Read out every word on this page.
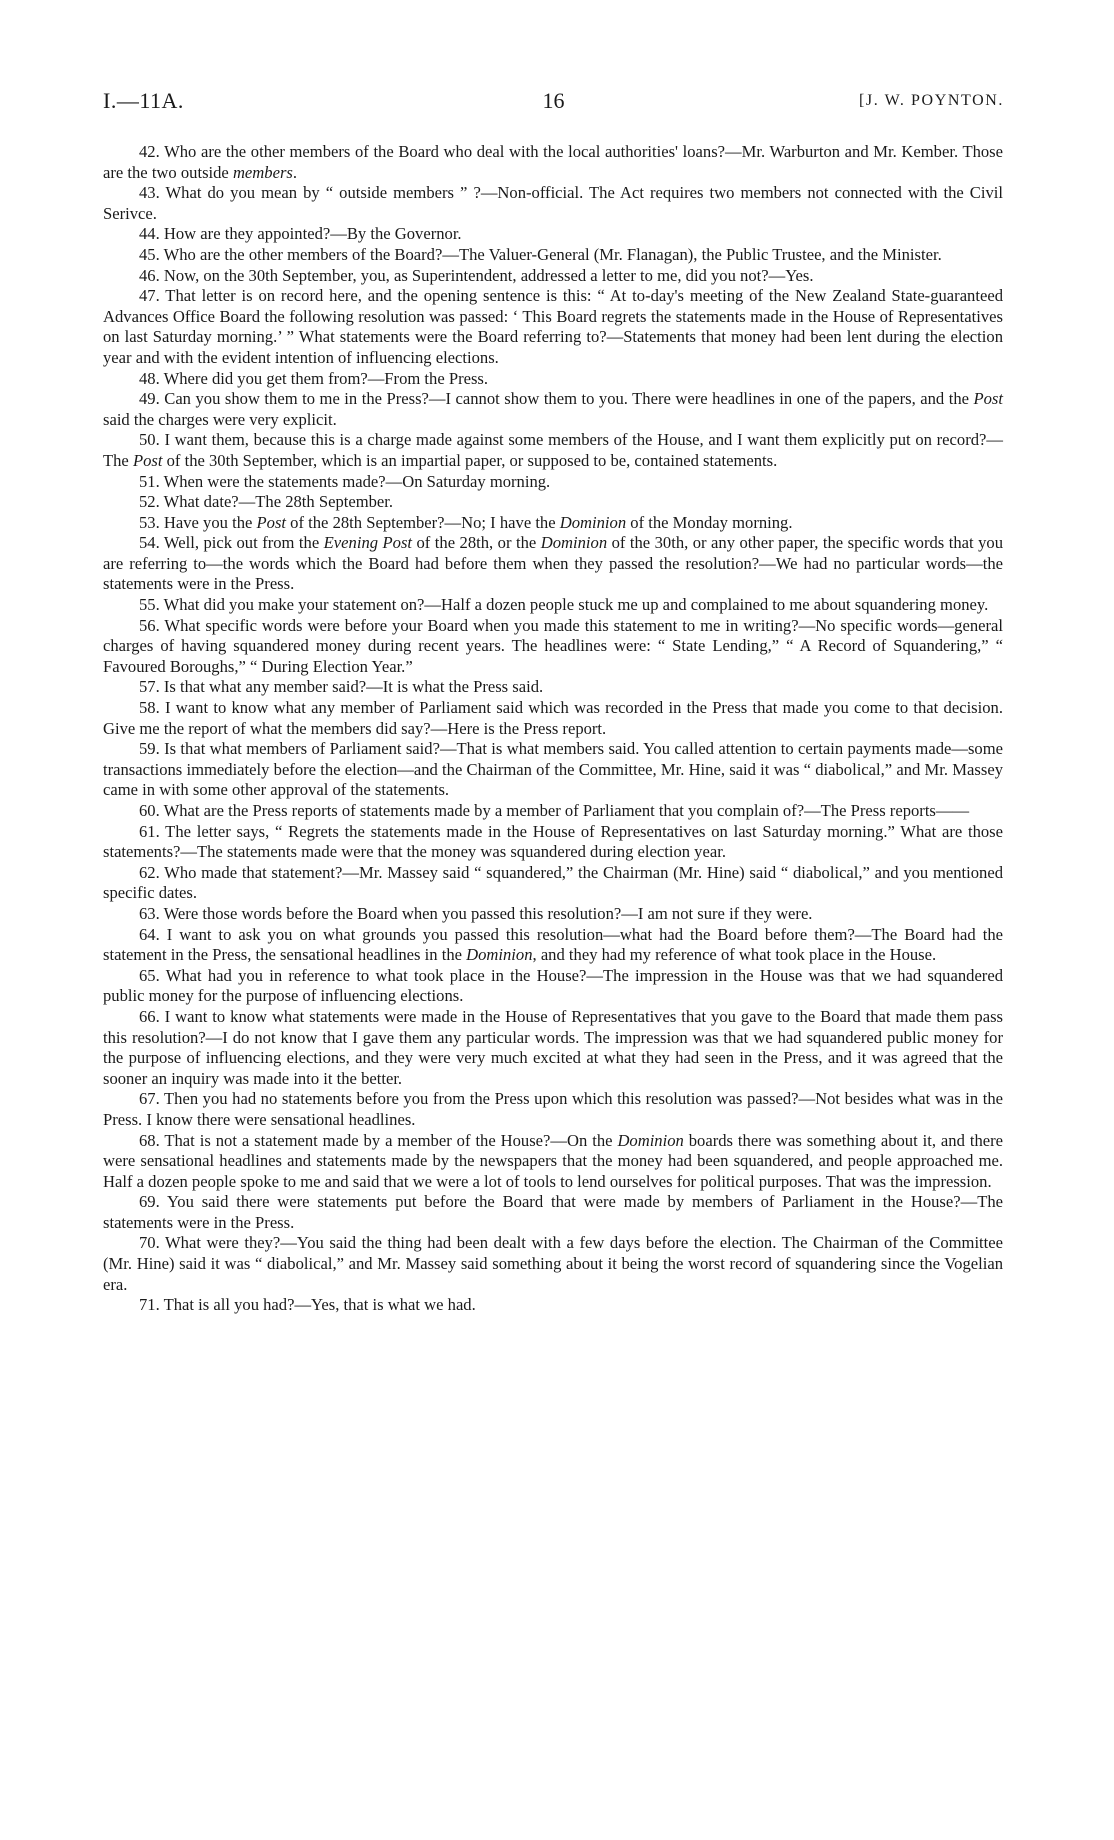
I.—11A.	16	[J. W. POYNTON.

42. Who are the other members of the Board who deal with the local authorities' loans?—Mr. Warburton and Mr. Kember. Those are the two outside members.

43. What do you mean by “ outside members ” ?—Non-official. The Act requires two members not connected with the Civil Serivce.

44. How are they appointed?—By the Governor.

45. Who are the other members of the Board?—The Valuer-General (Mr. Flanagan), the Public Trustee, and the Minister.

46. Now, on the 30th September, you, as Superintendent, addressed a letter to me, did you not?—Yes.

47. That letter is on record here, and the opening sentence is this: “ At to-day's meeting of the New Zealand State-guaranteed Advances Office Board the following resolution was passed: ‘ This Board regrets the statements made in the House of Representatives on last Saturday morning.’ ” What statements were the Board referring to?—Statements that money had been lent during the election year and with the evident intention of influencing elections.

48. Where did you get them from?—From the Press.

49. Can you show them to me in the Press?—I cannot show them to you. There were headlines in one of the papers, and the Post said the charges were very explicit.

50. I want them, because this is a charge made against some members of the House, and I want them explicitly put on record?—The Post of the 30th September, which is an impartial paper, or supposed to be, contained statements.

51. When were the statements made?—On Saturday morning.

52. What date?—The 28th September.

53. Have you the Post of the 28th September?—No; I have the Dominion of the Monday morning.

54. Well, pick out from the Evening Post of the 28th, or the Dominion of the 30th, or any other paper, the specific words that you are referring to—the words which the Board had before them when they passed the resolution?—We had no particular words—the statements were in the Press.

55. What did you make your statement on?—Half a dozen people stuck me up and complained to me about squandering money.

56. What specific words were before your Board when you made this statement to me in writing?—No specific words—general charges of having squandered money during recent years. The headlines were: “ State Lending,” “ A Record of Squandering,” “ Favoured Boroughs,” “ During Election Year.”

57. Is that what any member said?—It is what the Press said.

58. I want to know what any member of Parliament said which was recorded in the Press that made you come to that decision. Give me the report of what the members did say?—Here is the Press report.

59. Is that what members of Parliament said?—That is what members said. You called attention to certain payments made—some transactions immediately before the election—and the Chairman of the Committee, Mr. Hine, said it was “ diabolical,” and Mr. Massey came in with some other approval of the statements.

60. What are the Press reports of statements made by a member of Parliament that you complain of?—The Press reports——

61. The letter says, “ Regrets the statements made in the House of Representatives on last Saturday morning.” What are those statements?—The statements made were that the money was squandered during election year.

62. Who made that statement?—Mr. Massey said “ squandered,” the Chairman (Mr. Hine) said “ diabolical,” and you mentioned specific dates.

63. Were those words before the Board when you passed this resolution?—I am not sure if they were.

64. I want to ask you on what grounds you passed this resolution—what had the Board before them?—The Board had the statement in the Press, the sensational headlines in the Dominion, and they had my reference of what took place in the House.

65. What had you in reference to what took place in the House?—The impression in the House was that we had squandered public money for the purpose of influencing elections.

66. I want to know what statements were made in the House of Representatives that you gave to the Board that made them pass this resolution?—I do not know that I gave them any particular words. The impression was that we had squandered public money for the purpose of influencing elections, and they were very much excited at what they had seen in the Press, and it was agreed that the sooner an inquiry was made into it the better.

67. Then you had no statements before you from the Press upon which this resolution was passed?—Not besides what was in the Press. I know there were sensational headlines.

68. That is not a statement made by a member of the House?—On the Dominion boards there was something about it, and there were sensational headlines and statements made by the newspapers that the money had been squandered, and people approached me. Half a dozen people spoke to me and said that we were a lot of tools to lend ourselves for political purposes. That was the impression.

69. You said there were statements put before the Board that were made by members of Parliament in the House?—The statements were in the Press.

70. What were they?—You said the thing had been dealt with a few days before the election. The Chairman of the Committee (Mr. Hine) said it was “ diabolical,” and Mr. Massey said something about it being the worst record of squandering since the Vogelian era.

71. That is all you had?—Yes, that is what we had.
